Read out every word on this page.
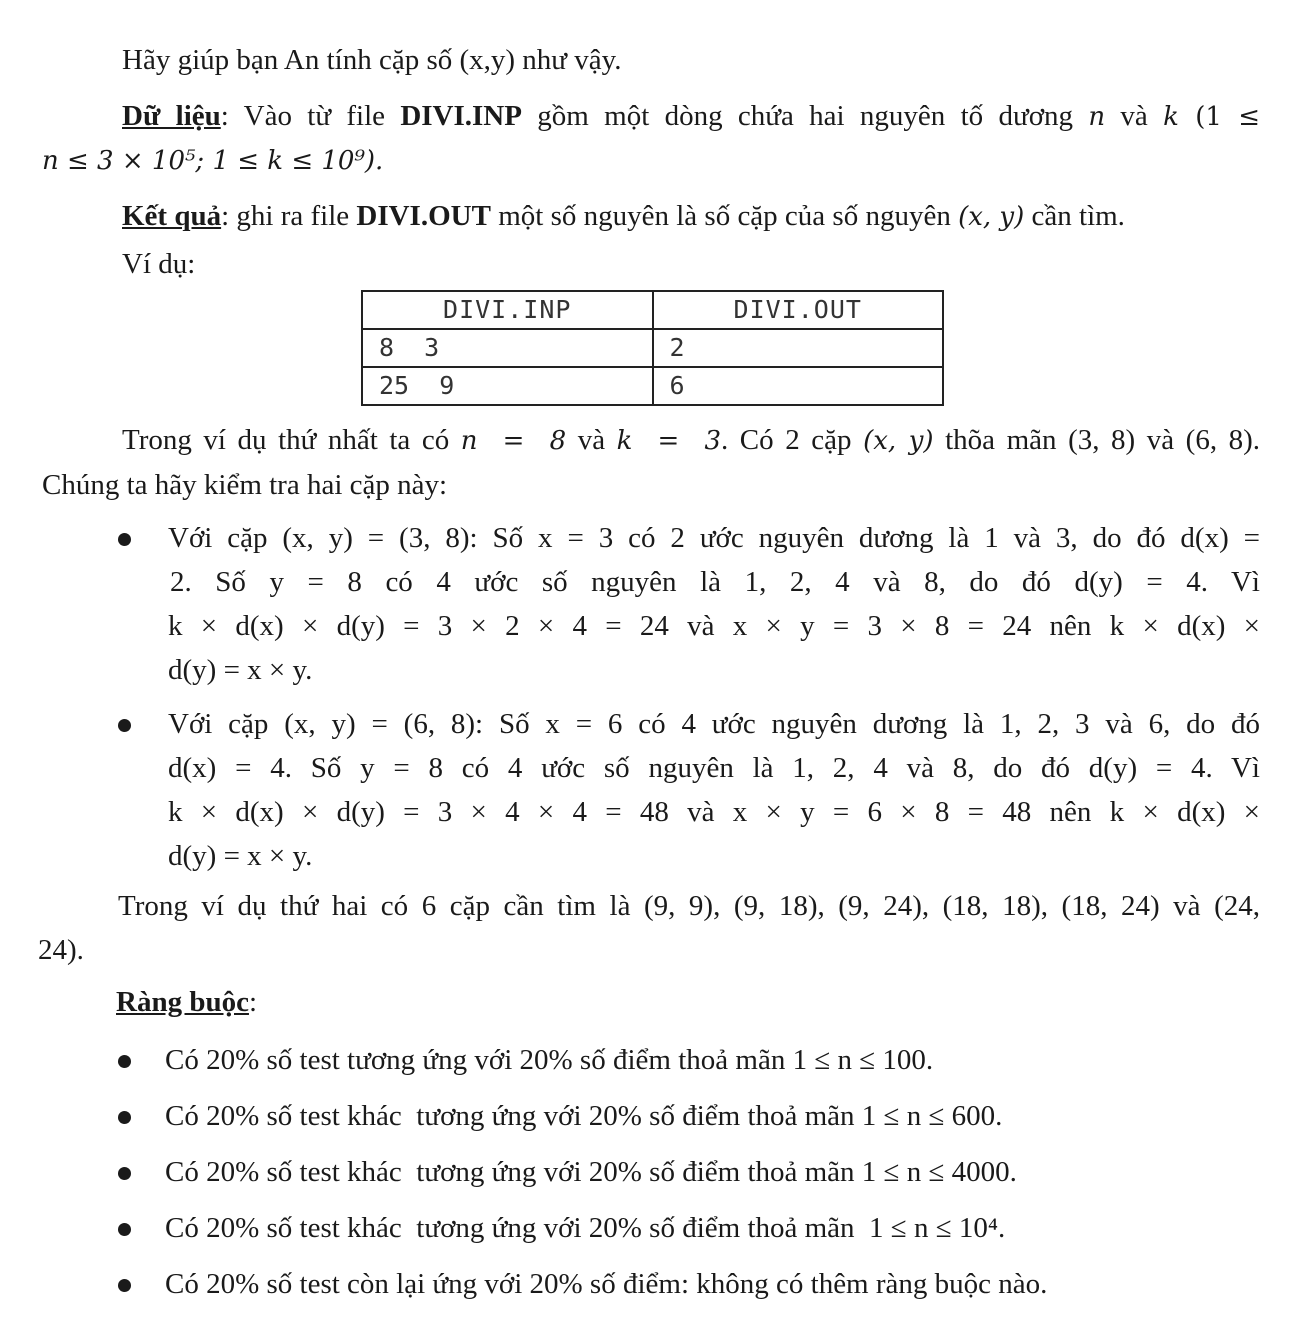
Hãy giúp bạn An tính cặp số (x,y) như vậy.

Dữ liệu: Vào từ file DIVI.INP gồm một dòng chứa hai nguyên tố dương n và k (1 ≤
n ≤ 3 × 10⁵; 1 ≤ k ≤ 10⁹).

Kết quả: ghi ra file DIVI.OUT một số nguyên là số cặp của số nguyên (x, y) cần tìm.

Ví dụ:

DIVI.INP	DIVI.OUT
8  3	2
25  9	6
Trong ví dụ thứ nhất ta có n  =  8 và k  =  3. Có 2 cặp (x, y) thõa mãn (3, 8) và (6, 8).
Chúng ta hãy kiểm tra hai cặp này:
Với cặp (x, y) = (3, 8): Số x = 3 có 2 ước nguyên dương là 1 và 3, do đó d(x) =
2. Số y = 8 có 4 ước số nguyên là 1, 2, 4 và 8, do đó d(y) = 4. Vì
k × d(x) × d(y) = 3 × 2 × 4 = 24 và x × y = 3 × 8 = 24 nên k × d(x) ×
d(y) = x × y.
Với cặp (x, y) = (6, 8): Số x = 6 có 4 ước nguyên dương là 1, 2, 3 và 6, do đó
d(x) = 4. Số y = 8 có 4 ước số nguyên là 1, 2, 4 và 8, do đó d(y) = 4. Vì
k × d(x) × d(y) = 3 × 4 × 4 = 48 và x × y = 6 × 8 = 48 nên k × d(x) ×
d(y) = x × y.
Trong ví dụ thứ hai có 6 cặp cần tìm là (9, 9), (9, 18), (9, 24), (18, 18), (18, 24) và (24,
24).

Ràng buộc:

Có 20% số test tương ứng với 20% số điểm thoả mãn 1 ≤ n ≤ 100.
Có 20% số test khác  tương ứng với 20% số điểm thoả mãn 1 ≤ n ≤ 600.
Có 20% số test khác  tương ứng với 20% số điểm thoả mãn 1 ≤ n ≤ 4000.
Có 20% số test khác  tương ứng với 20% số điểm thoả mãn  1 ≤ n ≤ 10⁴.
Có 20% số test còn lại ứng với 20% số điểm: không có thêm ràng buộc nào.
